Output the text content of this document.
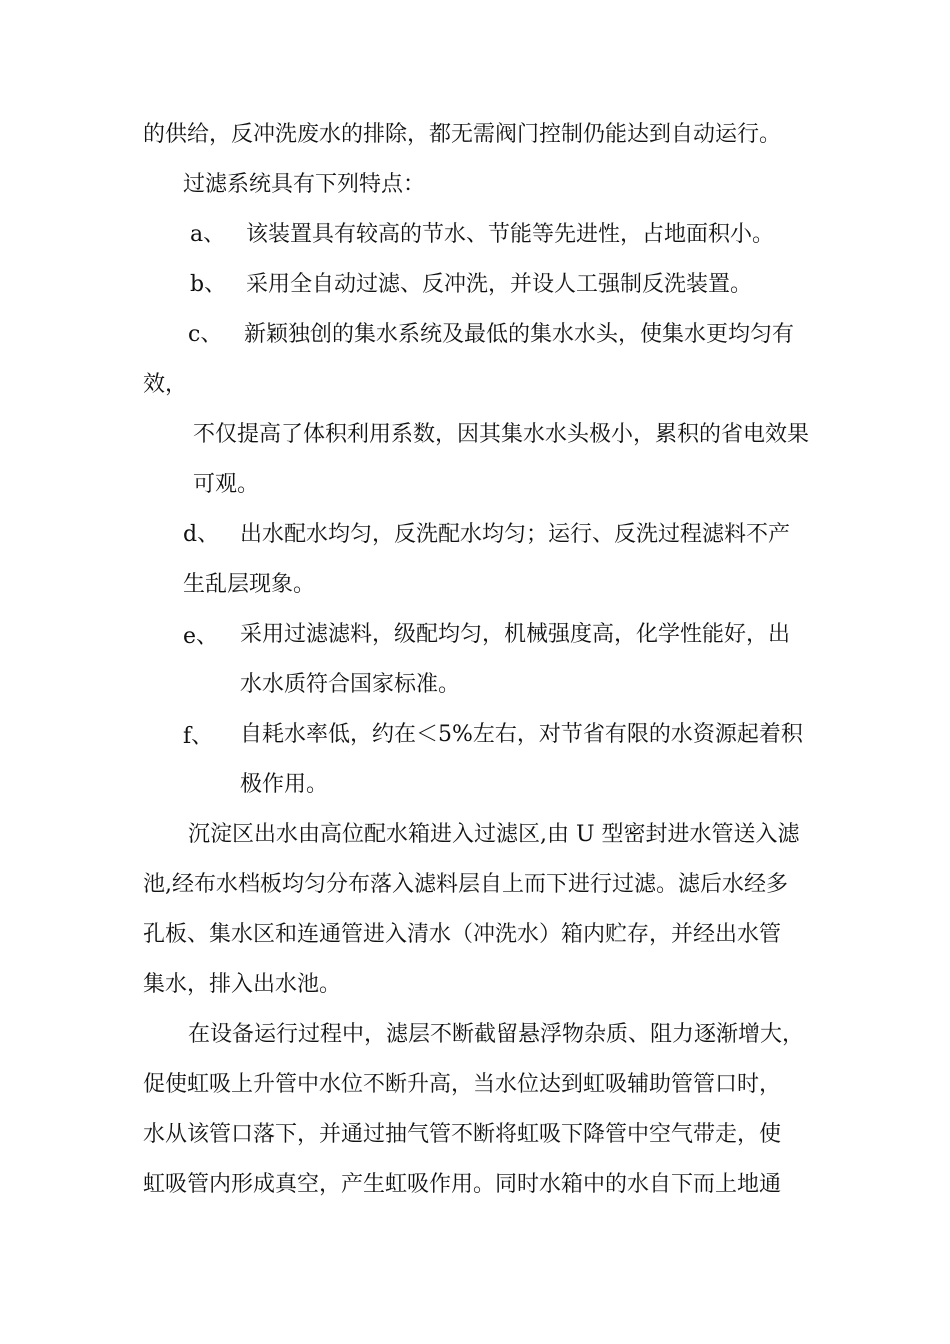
的供给，反冲洗废水的排除，都无需阀门控制仍能达到自动运行。
过滤系统具有下列特点：
a、 该装置具有较高的节水、节能等先进性，占地面积小。
b、 采用全自动过滤、反冲洗，并设人工强制反洗装置。
c、 新颖独创的集水系统及最低的集水水头，使集水更均匀有
效，
不仅提高了体积利用系数，因其集水水头极小，累积的省电效果
可观。
d、 出水配水均匀，反洗配水均匀；运行、反洗过程滤料不产
生乱层现象。
e、 采用过滤滤料，级配均匀，机械强度高，化学性能好，出
水水质符合国家标准。
f、 自耗水率低，约在＜5%左右，对节省有限的水资源起着积
极作用。
沉淀区出水由高位配水箱进入过滤区,由 U 型密封进水管送入滤
池,经布水档板均匀分布落入滤料层自上而下进行过滤。滤后水经多
孔板、集水区和连通管进入清水（冲洗水）箱内贮存，并经出水管
集水，排入出水池。
在设备运行过程中，滤层不断截留悬浮物杂质、阻力逐渐增大，
促使虹吸上升管中水位不断升高，当水位达到虹吸辅助管管口时，
水从该管口落下，并通过抽气管不断将虹吸下降管中空气带走，使
虹吸管内形成真空，产生虹吸作用。同时水箱中的水自下而上地通
